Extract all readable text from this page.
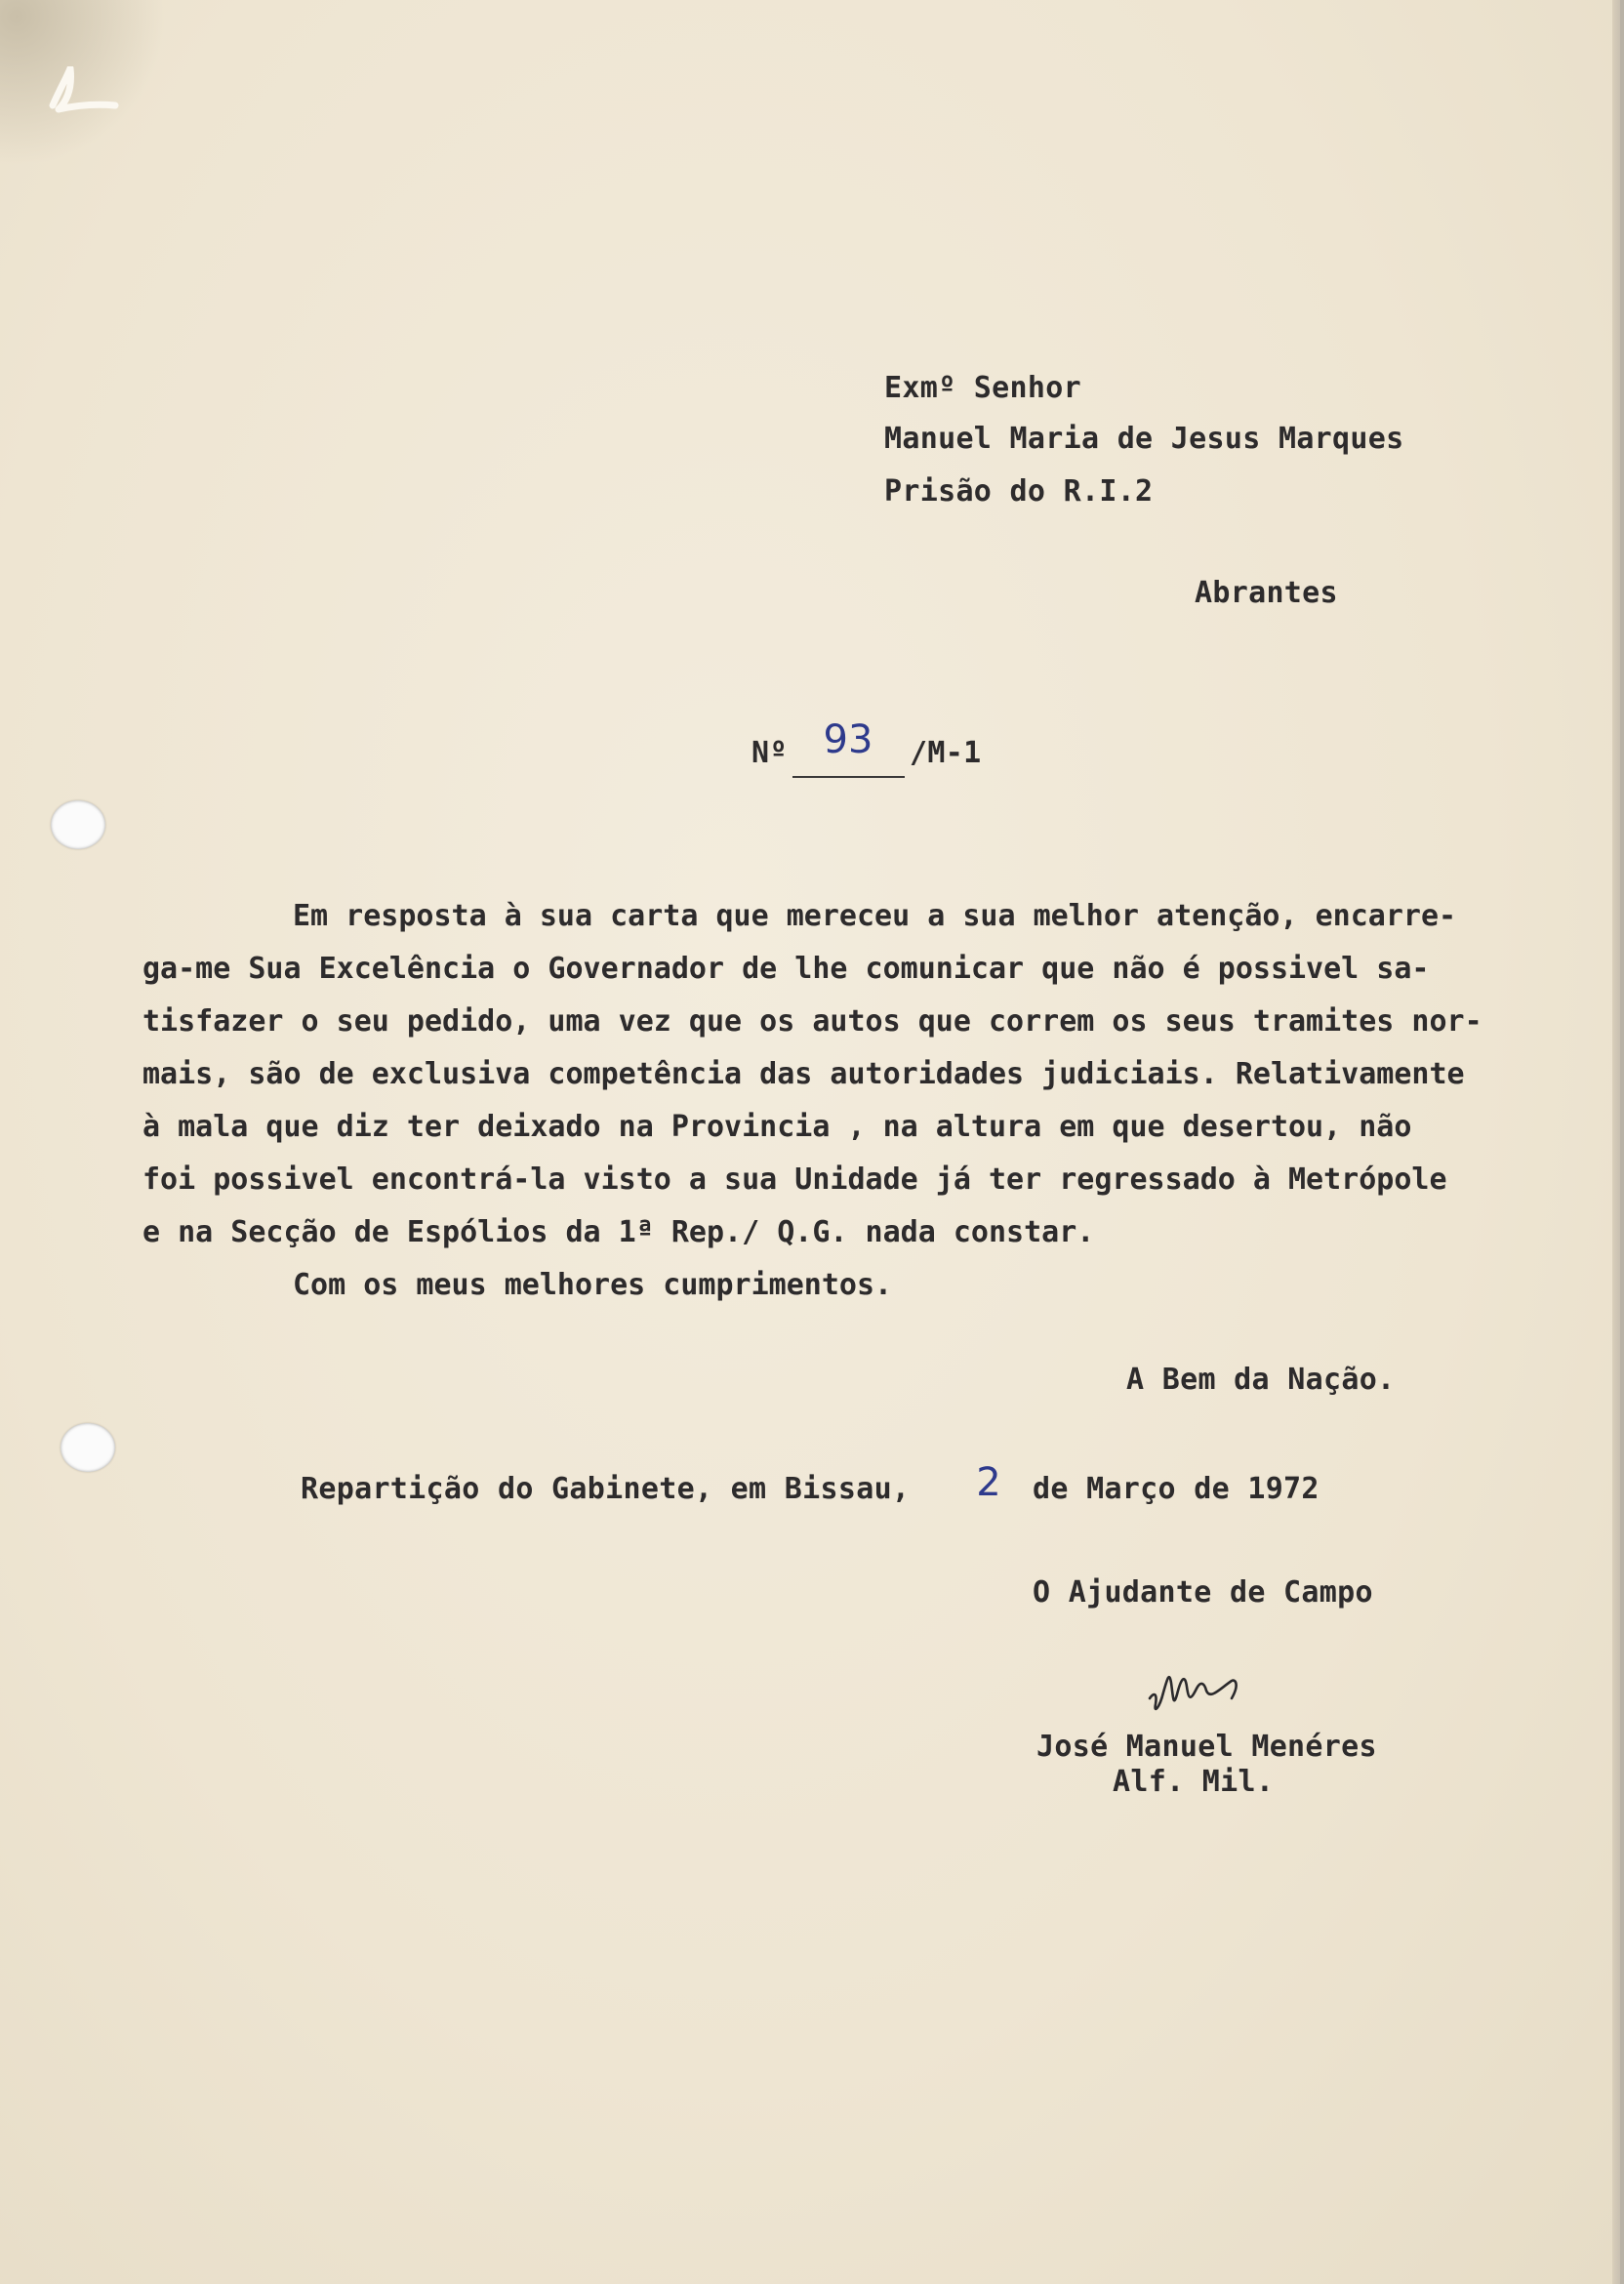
Exmº Senhor
Manuel Maria de Jesus Marques
Prisão do R.I.2
Abrantes
Nº 93	/M-1
Em resposta à sua carta que mereceu a sua melhor atenção, encarre-
ga-me Sua Excelência o Governador de lhe comunicar que não é possivel sa-
tisfazer o seu pedido, uma vez que os autos que correm os seus tramites nor-
mais, são de exclusiva competência das autoridades judiciais. Relativamente
à mala que diz ter deixado na Provincia , na altura em que desertou, não
foi possivel encontrá-la visto a sua Unidade já ter regressado à Metrópole
e na Secção de Espólios da 1ª Rep./ Q.G. nada constar.
Com os meus melhores cumprimentos.
A Bem da Nação.
Repartição do Gabinete, em Bissau, 2 de Março de 1972
O Ajudante de Campo
José Manuel Menéres
Alf. Mil.
